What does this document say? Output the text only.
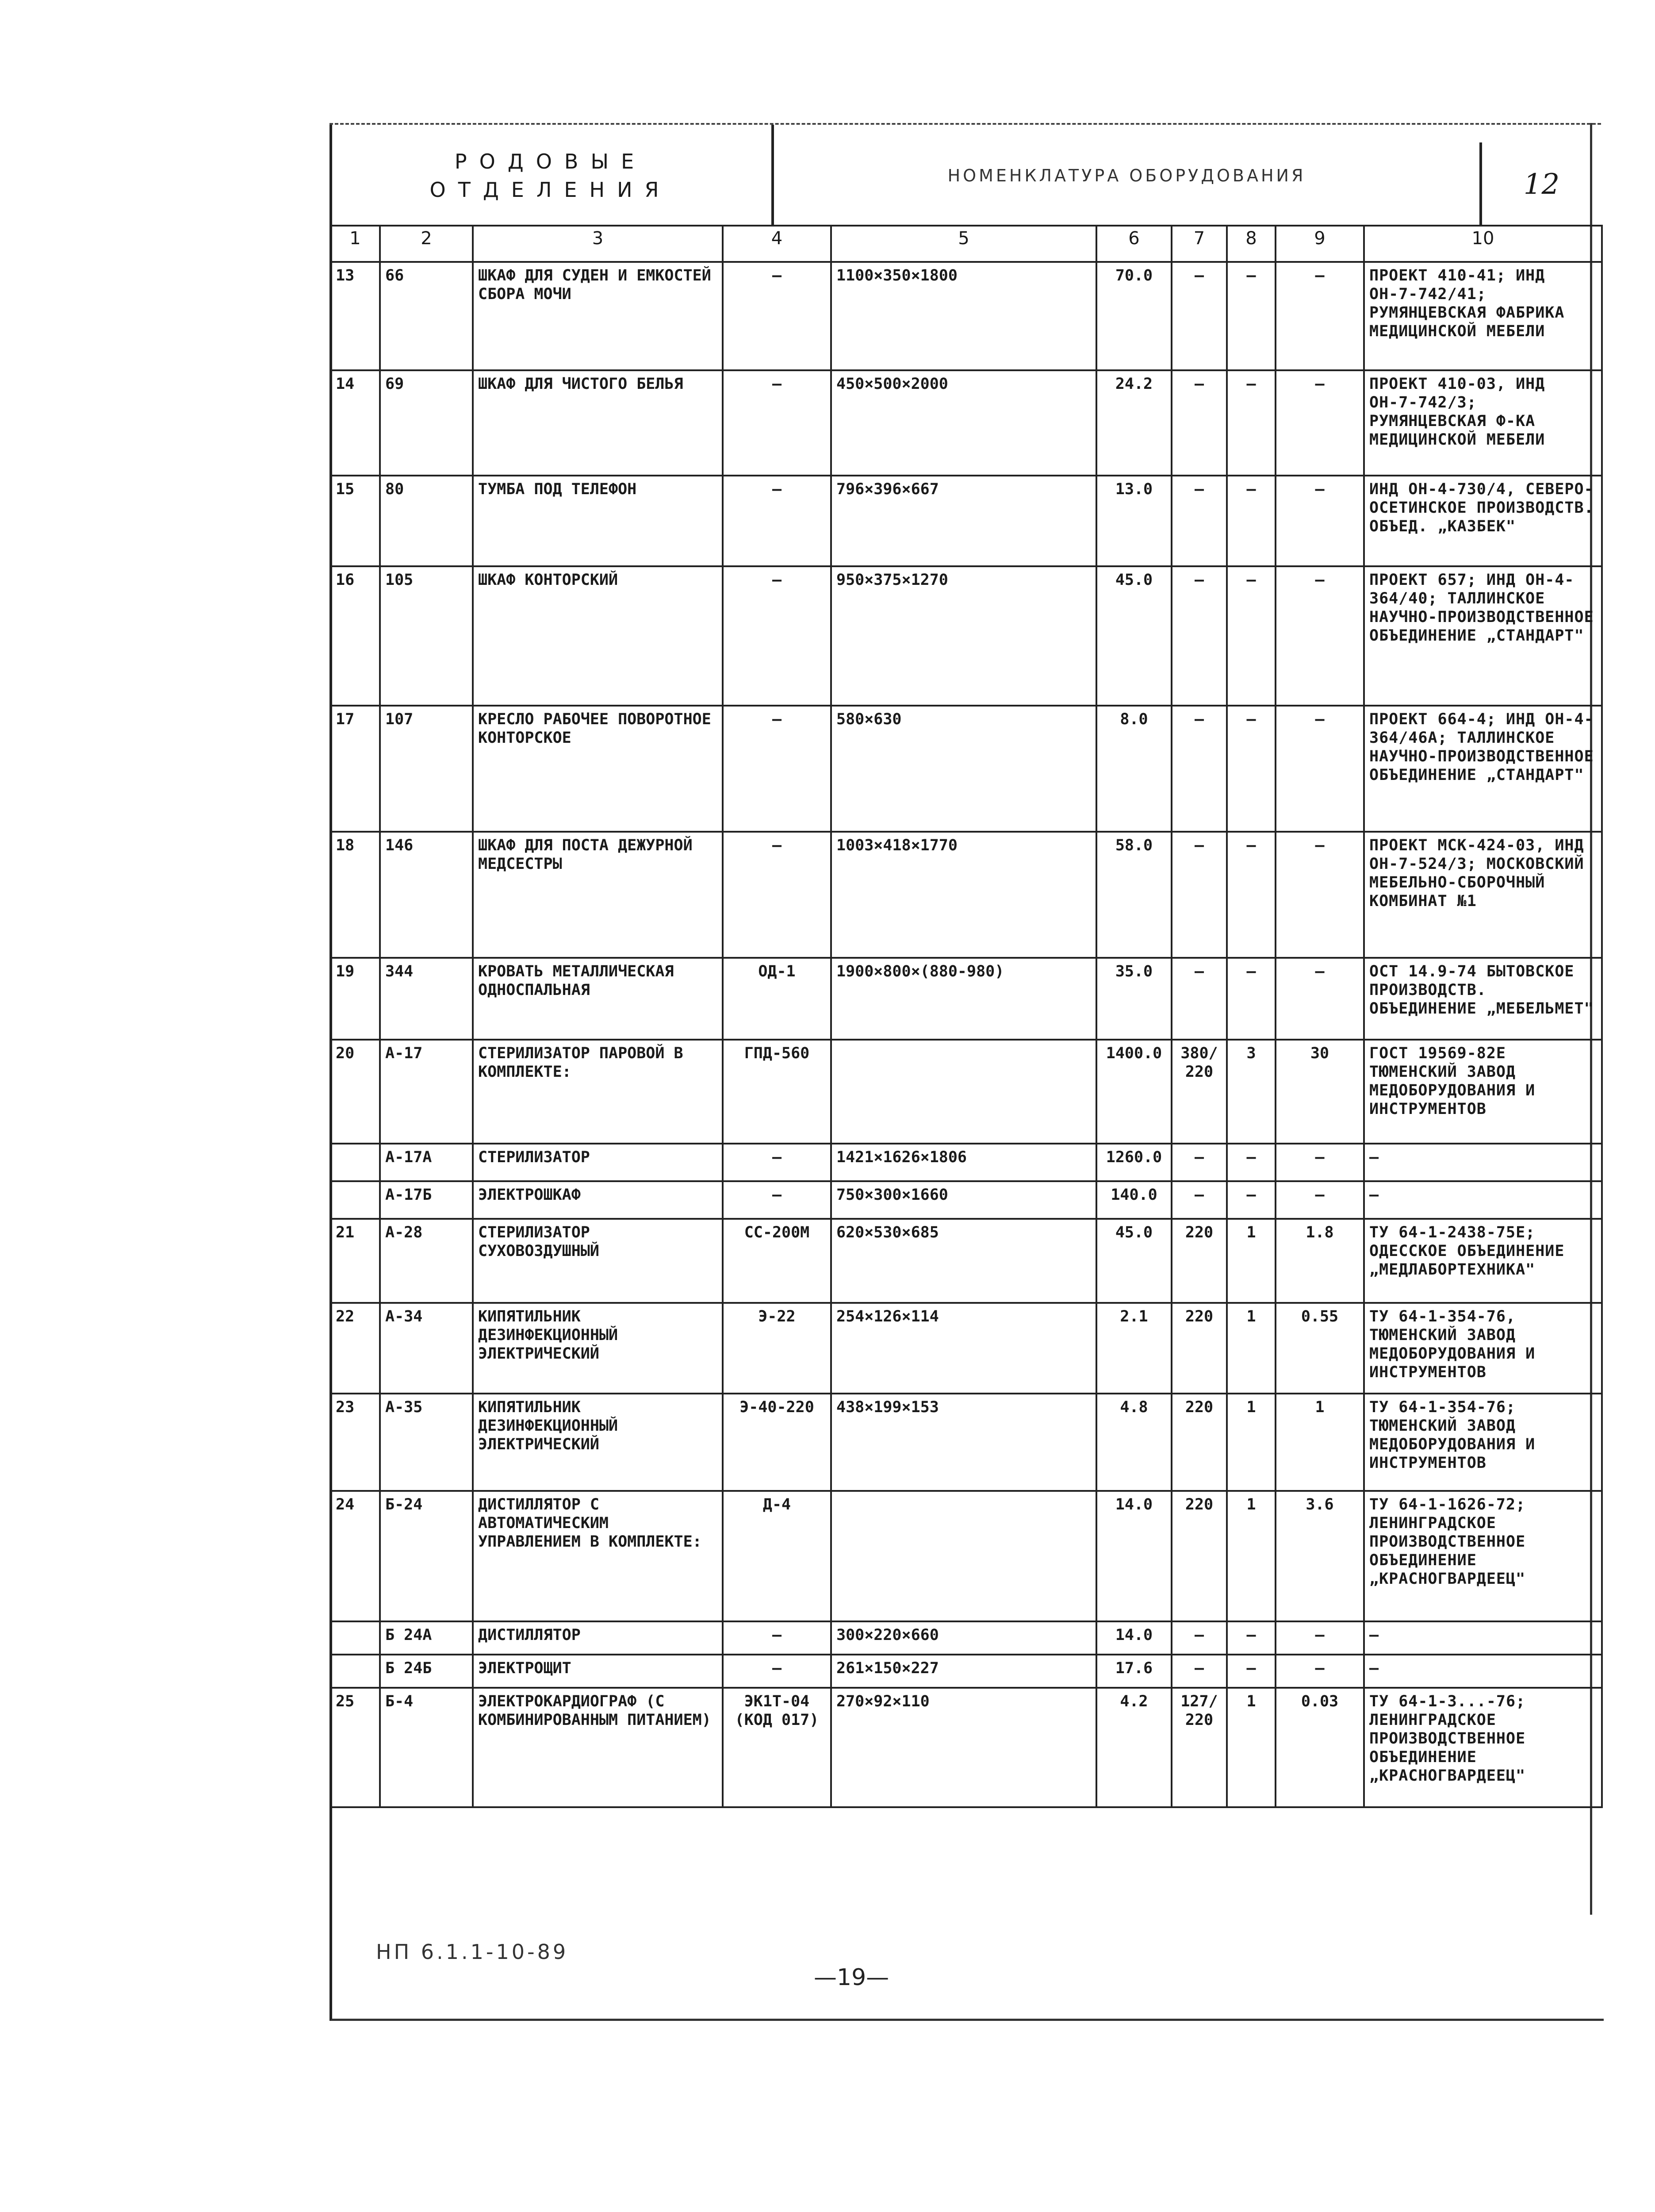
РОДОВЫЕ
ОТДЕЛЕНИЯ
НОМЕНКЛАТУРА ОБОРУДОВАНИЯ	12
1	2	3	4	5	6	7	8	9	10
13	66	ШКАФ ДЛЯ СУДЕН И ЕМКОСТЕЙ СБОРА МОЧИ	—	1100×350×1800	70.0	—	—	—	ПРОЕКТ 410-41; ИНД ОН-7-742/41; РУМЯНЦЕВСКАЯ ФАБРИКА МЕДИЦИНСКОЙ МЕБЕЛИ
14	69	ШКАФ ДЛЯ ЧИСТОГО БЕЛЬЯ	—	450×500×2000	24.2	—	—	—	ПРОЕКТ 410-03, ИНД ОН-7-742/3; РУМЯНЦЕВСКАЯ Ф-КА МЕДИЦИНСКОЙ МЕБЕЛИ
15	80	ТУМБА ПОД ТЕЛЕФОН	—	796×396×667	13.0	—	—	—	ИНД ОН-4-730/4, СЕВЕРО-ОСЕТИНСКОЕ ПРОИЗВОДСТВ. ОБЪЕД. „КАЗБЕК"
16	105	ШКАФ КОНТОРСКИЙ	—	950×375×1270	45.0	—	—	—	ПРОЕКТ 657; ИНД ОН-4-364/40; ТАЛЛИНСКОЕ НАУЧНО-ПРОИЗВОДСТВЕННОЕ ОБЪЕДИНЕНИЕ „СТАНДАРТ"
17	107	КРЕСЛО РАБОЧЕЕ ПОВОРОТНОЕ КОНТОРСКОЕ	—	580×630	8.0	—	—	—	ПРОЕКТ 664-4; ИНД ОН-4-364/46А; ТАЛЛИНСКОЕ НАУЧНО-ПРОИЗВОДСТВЕННОЕ ОБЪЕДИНЕНИЕ „СТАНДАРТ"
18	146	ШКАФ ДЛЯ ПОСТА ДЕЖУРНОЙ МЕДСЕСТРЫ	—	1003×418×1770	58.0	—	—	—	ПРОЕКТ МСК-424-03, ИНД ОН-7-524/3; МОСКОВСКИЙ МЕБЕЛЬНО-СБОРОЧНЫЙ КОМБИНАТ №1
19	344	КРОВАТЬ МЕТАЛЛИЧЕСКАЯ ОДНОСПАЛЬНАЯ	ОД-1	1900×800×(880-980)	35.0	—	—	—	ОСТ 14.9-74 БЫТОВСКОЕ ПРОИЗВОДСТВ. ОБЪЕДИНЕНИЕ „МЕБЕЛЬМЕТ"
20	А-17	СТЕРИЛИЗАТОР ПАРОВОЙ В КОМПЛЕКТЕ:	ГПД-560		1400.0	380/ 220	3	30	ГОСТ 19569-82Е ТЮМЕНСКИЙ ЗАВОД МЕДОБОРУДОВАНИЯ И ИНСТРУМЕНТОВ
	А-17А	СТЕРИЛИЗАТОР	—	1421×1626×1806	1260.0	—	—	—	—
	А-17Б	ЭЛЕКТРОШКАФ	—	750×300×1660	140.0	—	—	—	—
21	А-28	СТЕРИЛИЗАТОР СУХОВОЗДУШНЫЙ	СС-200М	620×530×685	45.0	220	1	1.8	ТУ 64-1-2438-75Е; ОДЕССКОЕ ОБЪЕДИНЕНИЕ „МЕДЛАБОРТЕХНИКА"
22	А-34	КИПЯТИЛЬНИК ДЕЗИНФЕКЦИОННЫЙ ЭЛЕКТРИЧЕСКИЙ	Э-22	254×126×114	2.1	220	1	0.55	ТУ 64-1-354-76, ТЮМЕНСКИЙ ЗАВОД МЕДОБОРУДОВАНИЯ И ИНСТРУМЕНТОВ
23	А-35	КИПЯТИЛЬНИК ДЕЗИНФЕКЦИОННЫЙ ЭЛЕКТРИЧЕСКИЙ	Э-40-220	438×199×153	4.8	220	1	1	ТУ 64-1-354-76; ТЮМЕНСКИЙ ЗАВОД МЕДОБОРУДОВАНИЯ И ИНСТРУМЕНТОВ
24	Б-24	ДИСТИЛЛЯТОР С АВТОМАТИЧЕСКИМ УПРАВЛЕНИЕМ В КОМПЛЕКТЕ:	Д-4		14.0	220	1	3.6	ТУ 64-1-1626-72; ЛЕНИНГРАДСКОЕ ПРОИЗВОДСТВЕННОЕ ОБЪЕДИНЕНИЕ „КРАСНОГВАРДЕЕЦ"
	Б 24А	ДИСТИЛЛЯТОР	—	300×220×660	14.0	—	—	—	—
	Б 24Б	ЭЛЕКТРОЩИТ	—	261×150×227	17.6	—	—	—	—
25	Б-4	ЭЛЕКТРОКАРДИОГРАФ (С КОМБИНИРОВАННЫМ ПИТАНИЕМ)	ЭК1Т-04 (КОД 017)	270×92×110	4.2	127/ 220	1	0.03	ТУ 64-1-3...-76; ЛЕНИНГРАДСКОЕ ПРОИЗВОДСТВЕННОЕ ОБЪЕДИНЕНИЕ „КРАСНОГВАРДЕЕЦ"
НП 6.1.1-10-89
—19—
